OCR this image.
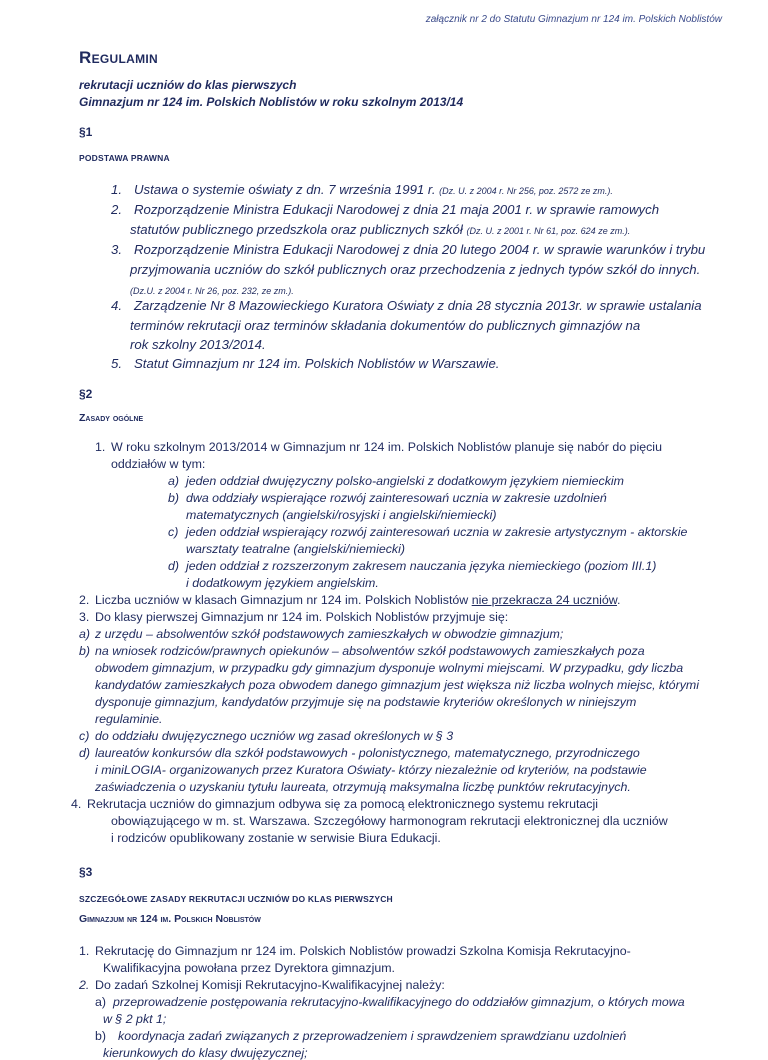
załącznik nr 2 do Statutu Gimnazjum nr 124 im. Polskich Noblistów
Regulamin
rekrutacji uczniów do klas pierwszych
Gimnazjum nr 124 im. Polskich Noblistów w roku szkolnym 2013/14
§1
PODSTAWA PRAWNA
1. Ustawa o systemie oświaty z dn. 7 września 1991 r. (Dz. U. z 2004 r. Nr 256, poz. 2572 ze zm.).
2. Rozporządzenie Ministra Edukacji Narodowej z dnia 21 maja 2001 r. w sprawie ramowych
statutów publicznego przedszkola oraz publicznych szkół (Dz. U. z 2001 r. Nr 61, poz. 624 ze zm.).
3. Rozporządzenie Ministra Edukacji Narodowej z dnia 20 lutego 2004 r. w sprawie warunków i trybu
przyjmowania uczniów do szkół publicznych oraz przechodzenia z jednych typów szkół do innych.
(Dz.U. z 2004 r. Nr 26, poz. 232, ze zm.).
4. Zarządzenie Nr 8 Mazowieckiego Kuratora Oświaty z dnia 28 stycznia 2013r. w sprawie ustalania
terminów rekrutacji oraz terminów składania dokumentów do publicznych gimnazjów na
rok szkolny 2013/2014.
5. Statut Gimnazjum nr 124 im. Polskich Noblistów w Warszawie.
§2
Zasady ogólne
1. W roku szkolnym 2013/2014 w Gimnazjum nr 124 im. Polskich Noblistów planuje się nabór do pięciu
oddziałów w tym:
a) jeden oddział dwujęzyczny polsko-angielski z dodatkowym językiem niemieckim
b) dwa oddziały wspierające rozwój zainteresowań ucznia w zakresie uzdolnień
matematycznych (angielski/rosyjski i angielski/niemiecki)
c) jeden oddział wspierający rozwój zainteresowań ucznia w zakresie artystycznym - aktorskie
warsztaty teatralne (angielski/niemiecki)
d) jeden oddział z rozszerzonym zakresem nauczania języka niemieckiego (poziom III.1)
i dodatkowym językiem angielskim.
2. Liczba uczniów w klasach Gimnazjum nr 124 im. Polskich Noblistów nie przekracza 24 uczniów.
3. Do klasy pierwszej Gimnazjum nr 124 im. Polskich Noblistów przyjmuje się:
a) z urzędu – absolwentów szkół podstawowych zamieszkałych w obwodzie gimnazjum;
b) na wniosek rodziców/prawnych opiekunów – absolwentów szkół podstawowych zamieszkałych poza
obwodem gimnazjum, w przypadku gdy gimnazjum dysponuje wolnymi miejscami. W przypadku, gdy liczba
kandydatów zamieszkałych poza obwodem danego gimnazjum jest większa niż liczba wolnych miejsc, którymi
dysponuje gimnazjum, kandydatów przyjmuje się na podstawie kryteriów określonych w niniejszym
regulaminie.
c) do oddziału dwujęzycznego uczniów wg zasad określonych w § 3
d) laureatów konkursów dla szkół podstawowych - polonistycznego, matematycznego, przyrodniczego
i miniLOGIA- organizowanych przez Kuratora Oświaty- którzy niezależnie od kryteriów, na podstawie
zaświadczenia o uzyskaniu tytułu laureata, otrzymują maksymalna liczbę punktów rekrutacyjnych.
4. Rekrutacja uczniów do gimnazjum odbywa się za pomocą elektronicznego systemu rekrutacji
obowiązującego w m. st. Warszawa. Szczegółowy harmonogram rekrutacji elektronicznej dla uczniów
i rodziców opublikowany zostanie w serwisie Biura Edukacji.
§3
SZCZEGÓŁOWE ZASADY REKRUTACJI UCZNIÓW DO KLAS PIERWSZYCH
Gimnazjum nr 124 im. Polskich Noblistów
1. Rekrutację do Gimnazjum nr 124 im. Polskich Noblistów prowadzi Szkolna Komisja Rekrutacyjno-
Kwalifikacyjna powołana przez Dyrektora gimnazjum.
2. Do zadań Szkolnej Komisji Rekrutacyjno-Kwalifikacyjnej należy:
a) przeprowadzenie postępowania rekrutacyjno-kwalifikacyjnego do oddziałów gimnazjum, o których mowa
w § 2 pkt 1;
b) koordynacja zadań związanych z przeprowadzeniem i sprawdzeniem sprawdzianu uzdolnień
kierunkowych do klasy dwujęzycznej;
